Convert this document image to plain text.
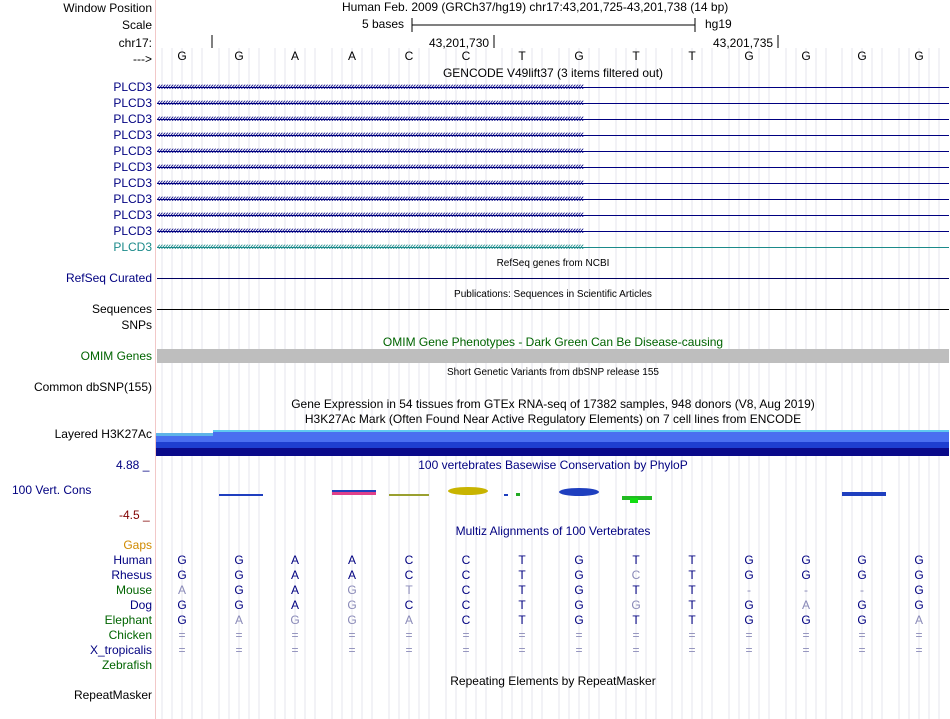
Window Position	Human Feb. 2009 (GRCh37/hg19) chr17:43,201,725-43,201,738 (14 bp)
Scale	5 bases	hg19
chr17:	43,201,730	43,201,735
--->	G	G	A	A	C	C	T	G	T	T	G	G	G	G
GENCODE V49lift37 (3 items filtered out)
PLCD3 ‹‹‹‹‹‹‹‹‹‹‹‹‹‹‹‹‹‹‹‹‹‹‹‹‹‹‹‹‹‹‹‹‹‹‹‹‹‹‹‹‹‹‹‹‹‹‹‹‹‹‹‹‹‹‹‹‹‹‹‹‹‹‹‹‹‹‹‹‹‹‹‹‹‹‹‹‹‹‹‹‹‹‹‹‹‹‹‹‹‹‹‹‹‹‹‹‹‹‹‹‹‹‹‹‹‹‹‹‹‹‹‹‹‹‹‹‹‹‹‹‹‹‹‹‹‹‹‹‹‹‹‹‹‹‹‹‹‹‹‹‹‹‹‹‹‹‹‹‹‹‹‹‹‹‹‹‹‹‹‹
PLCD3 ‹‹‹‹‹‹‹‹‹‹‹‹‹‹‹‹‹‹‹‹‹‹‹‹‹‹‹‹‹‹‹‹‹‹‹‹‹‹‹‹‹‹‹‹‹‹‹‹‹‹‹‹‹‹‹‹‹‹‹‹‹‹‹‹‹‹‹‹‹‹‹‹‹‹‹‹‹‹‹‹‹‹‹‹‹‹‹‹‹‹‹‹‹‹‹‹‹‹‹‹‹‹‹‹‹‹‹‹‹‹‹‹‹‹‹‹‹‹‹‹‹‹‹‹‹‹‹‹‹‹‹‹‹‹‹‹‹‹‹‹‹‹‹‹‹‹‹‹‹‹‹‹‹‹‹‹‹‹‹‹
PLCD3 ‹‹‹‹‹‹‹‹‹‹‹‹‹‹‹‹‹‹‹‹‹‹‹‹‹‹‹‹‹‹‹‹‹‹‹‹‹‹‹‹‹‹‹‹‹‹‹‹‹‹‹‹‹‹‹‹‹‹‹‹‹‹‹‹‹‹‹‹‹‹‹‹‹‹‹‹‹‹‹‹‹‹‹‹‹‹‹‹‹‹‹‹‹‹‹‹‹‹‹‹‹‹‹‹‹‹‹‹‹‹‹‹‹‹‹‹‹‹‹‹‹‹‹‹‹‹‹‹‹‹‹‹‹‹‹‹‹‹‹‹‹‹‹‹‹‹‹‹‹‹‹‹‹‹‹‹‹‹‹‹
PLCD3 ‹‹‹‹‹‹‹‹‹‹‹‹‹‹‹‹‹‹‹‹‹‹‹‹‹‹‹‹‹‹‹‹‹‹‹‹‹‹‹‹‹‹‹‹‹‹‹‹‹‹‹‹‹‹‹‹‹‹‹‹‹‹‹‹‹‹‹‹‹‹‹‹‹‹‹‹‹‹‹‹‹‹‹‹‹‹‹‹‹‹‹‹‹‹‹‹‹‹‹‹‹‹‹‹‹‹‹‹‹‹‹‹‹‹‹‹‹‹‹‹‹‹‹‹‹‹‹‹‹‹‹‹‹‹‹‹‹‹‹‹‹‹‹‹‹‹‹‹‹‹‹‹‹‹‹‹‹‹‹‹
PLCD3 ‹‹‹‹‹‹‹‹‹‹‹‹‹‹‹‹‹‹‹‹‹‹‹‹‹‹‹‹‹‹‹‹‹‹‹‹‹‹‹‹‹‹‹‹‹‹‹‹‹‹‹‹‹‹‹‹‹‹‹‹‹‹‹‹‹‹‹‹‹‹‹‹‹‹‹‹‹‹‹‹‹‹‹‹‹‹‹‹‹‹‹‹‹‹‹‹‹‹‹‹‹‹‹‹‹‹‹‹‹‹‹‹‹‹‹‹‹‹‹‹‹‹‹‹‹‹‹‹‹‹‹‹‹‹‹‹‹‹‹‹‹‹‹‹‹‹‹‹‹‹‹‹‹‹‹‹‹‹‹‹
PLCD3 ‹‹‹‹‹‹‹‹‹‹‹‹‹‹‹‹‹‹‹‹‹‹‹‹‹‹‹‹‹‹‹‹‹‹‹‹‹‹‹‹‹‹‹‹‹‹‹‹‹‹‹‹‹‹‹‹‹‹‹‹‹‹‹‹‹‹‹‹‹‹‹‹‹‹‹‹‹‹‹‹‹‹‹‹‹‹‹‹‹‹‹‹‹‹‹‹‹‹‹‹‹‹‹‹‹‹‹‹‹‹‹‹‹‹‹‹‹‹‹‹‹‹‹‹‹‹‹‹‹‹‹‹‹‹‹‹‹‹‹‹‹‹‹‹‹‹‹‹‹‹‹‹‹‹‹‹‹‹‹‹
PLCD3 ‹‹‹‹‹‹‹‹‹‹‹‹‹‹‹‹‹‹‹‹‹‹‹‹‹‹‹‹‹‹‹‹‹‹‹‹‹‹‹‹‹‹‹‹‹‹‹‹‹‹‹‹‹‹‹‹‹‹‹‹‹‹‹‹‹‹‹‹‹‹‹‹‹‹‹‹‹‹‹‹‹‹‹‹‹‹‹‹‹‹‹‹‹‹‹‹‹‹‹‹‹‹‹‹‹‹‹‹‹‹‹‹‹‹‹‹‹‹‹‹‹‹‹‹‹‹‹‹‹‹‹‹‹‹‹‹‹‹‹‹‹‹‹‹‹‹‹‹‹‹‹‹‹‹‹‹‹‹‹‹
PLCD3 ‹‹‹‹‹‹‹‹‹‹‹‹‹‹‹‹‹‹‹‹‹‹‹‹‹‹‹‹‹‹‹‹‹‹‹‹‹‹‹‹‹‹‹‹‹‹‹‹‹‹‹‹‹‹‹‹‹‹‹‹‹‹‹‹‹‹‹‹‹‹‹‹‹‹‹‹‹‹‹‹‹‹‹‹‹‹‹‹‹‹‹‹‹‹‹‹‹‹‹‹‹‹‹‹‹‹‹‹‹‹‹‹‹‹‹‹‹‹‹‹‹‹‹‹‹‹‹‹‹‹‹‹‹‹‹‹‹‹‹‹‹‹‹‹‹‹‹‹‹‹‹‹‹‹‹‹‹‹‹‹
PLCD3 ‹‹‹‹‹‹‹‹‹‹‹‹‹‹‹‹‹‹‹‹‹‹‹‹‹‹‹‹‹‹‹‹‹‹‹‹‹‹‹‹‹‹‹‹‹‹‹‹‹‹‹‹‹‹‹‹‹‹‹‹‹‹‹‹‹‹‹‹‹‹‹‹‹‹‹‹‹‹‹‹‹‹‹‹‹‹‹‹‹‹‹‹‹‹‹‹‹‹‹‹‹‹‹‹‹‹‹‹‹‹‹‹‹‹‹‹‹‹‹‹‹‹‹‹‹‹‹‹‹‹‹‹‹‹‹‹‹‹‹‹‹‹‹‹‹‹‹‹‹‹‹‹‹‹‹‹‹‹‹‹
PLCD3 ‹‹‹‹‹‹‹‹‹‹‹‹‹‹‹‹‹‹‹‹‹‹‹‹‹‹‹‹‹‹‹‹‹‹‹‹‹‹‹‹‹‹‹‹‹‹‹‹‹‹‹‹‹‹‹‹‹‹‹‹‹‹‹‹‹‹‹‹‹‹‹‹‹‹‹‹‹‹‹‹‹‹‹‹‹‹‹‹‹‹‹‹‹‹‹‹‹‹‹‹‹‹‹‹‹‹‹‹‹‹‹‹‹‹‹‹‹‹‹‹‹‹‹‹‹‹‹‹‹‹‹‹‹‹‹‹‹‹‹‹‹‹‹‹‹‹‹‹‹‹‹‹‹‹‹‹‹‹‹‹
PLCD3 ‹‹‹‹‹‹‹‹‹‹‹‹‹‹‹‹‹‹‹‹‹‹‹‹‹‹‹‹‹‹‹‹‹‹‹‹‹‹‹‹‹‹‹‹‹‹‹‹‹‹‹‹‹‹‹‹‹‹‹‹‹‹‹‹‹‹‹‹‹‹‹‹‹‹‹‹‹‹‹‹‹‹‹‹‹‹‹‹‹‹‹‹‹‹‹‹‹‹‹‹‹‹‹‹‹‹‹‹‹‹‹‹‹‹‹‹‹‹‹‹‹‹‹‹‹‹‹‹‹‹‹‹‹‹‹‹‹‹‹‹‹‹‹‹‹‹‹‹‹‹‹‹‹‹‹‹‹‹‹‹
RefSeq genes from NCBI
RefSeq Curated
Publications: Sequences in Scientific Articles
Sequences
SNPs
OMIM Gene Phenotypes - Dark Green Can Be Disease-causing
OMIM Genes
Short Genetic Variants from dbSNP release 155
Common dbSNP(155)
Gene Expression in 54 tissues from GTEx RNA-seq of 17382 samples, 948 donors (V8, Aug 2019)
H3K27Ac Mark (Often Found Near Active Regulatory Elements) on 7 cell lines from ENCODE
Layered H3K27Ac
100 vertebrates Basewise Conservation by PhyloP
4.88 _
100 Vert. Cons
-4.5 _
Multiz Alignments of 100 Vertebrates
Gaps
Human	G	G	A	A	C	C	T	G	T	T	G	G	G	G
Rhesus	G	G	A	A	C	C	T	G	C	T	G	G	G	G
Mouse	A	G	A	G	T	C	T	G	T	T	-	-	-	G
Dog	G	G	A	G	C	C	T	G	G	T	G	A	G	G
Elephant	G	A	G	G	A	C	T	G	T	T	G	G	G	A
Chicken	=	=	=	=	=	=	=	=	=	=	=	=	=	=
X_tropicalis	=	=	=	=	=	=	=	=	=	=	=	=	=	=
Zebrafish
Repeating Elements by RepeatMasker
RepeatMasker
